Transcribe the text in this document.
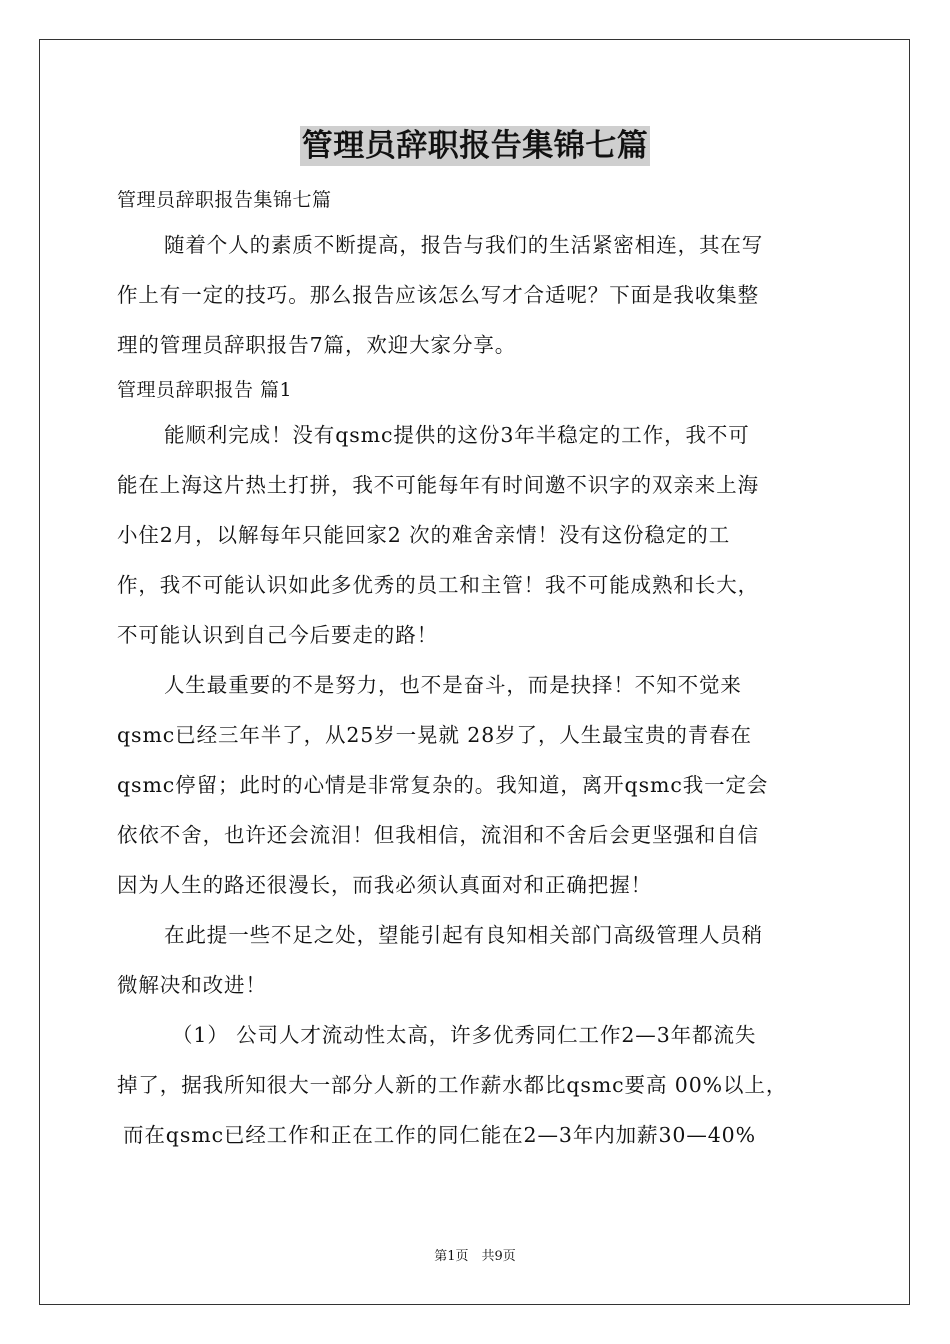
管理员辞职报告集锦七篇
管理员辞职报告集锦七篇
随着个人的素质不断提高，报告与我们的生活紧密相连，其在写
作上有一定的技巧。那么报告应该怎么写才合适呢？下面是我收集整
理的管理员辞职报告7篇，欢迎大家分享。
管理员辞职报告 篇1
能顺利完成！没有qsmc提供的这份3年半稳定的工作，我不可
能在上海这片热土打拼，我不可能每年有时间邀不识字的双亲来上海
小住2月，以解每年只能回家2 次的难舍亲情！没有这份稳定的工
作，我不可能认识如此多优秀的员工和主管！我不可能成熟和长大，
不可能认识到自己今后要走的路！
人生最重要的不是努力，也不是奋斗，而是抉择！不知不觉来
qsmc已经三年半了，从25岁一晃就 28岁了，人生最宝贵的青春在
qsmc停留；此时的心情是非常复杂的。我知道，离开qsmc我一定会
依依不舍，也许还会流泪！但我相信，流泪和不舍后会更坚强和自信
因为人生的路还很漫长，而我必须认真面对和正确把握！
在此提一些不足之处，望能引起有良知相关部门高级管理人员稍
微解决和改进！
（1） 公司人才流动性太高，许多优秀同仁工作2—3年都流失
掉了，据我所知很大一部分人新的工作薪水都比qsmc要高 00%以上，
而在qsmc已经工作和正在工作的同仁能在2—3年内加薪30—40%
第1页　共9页
